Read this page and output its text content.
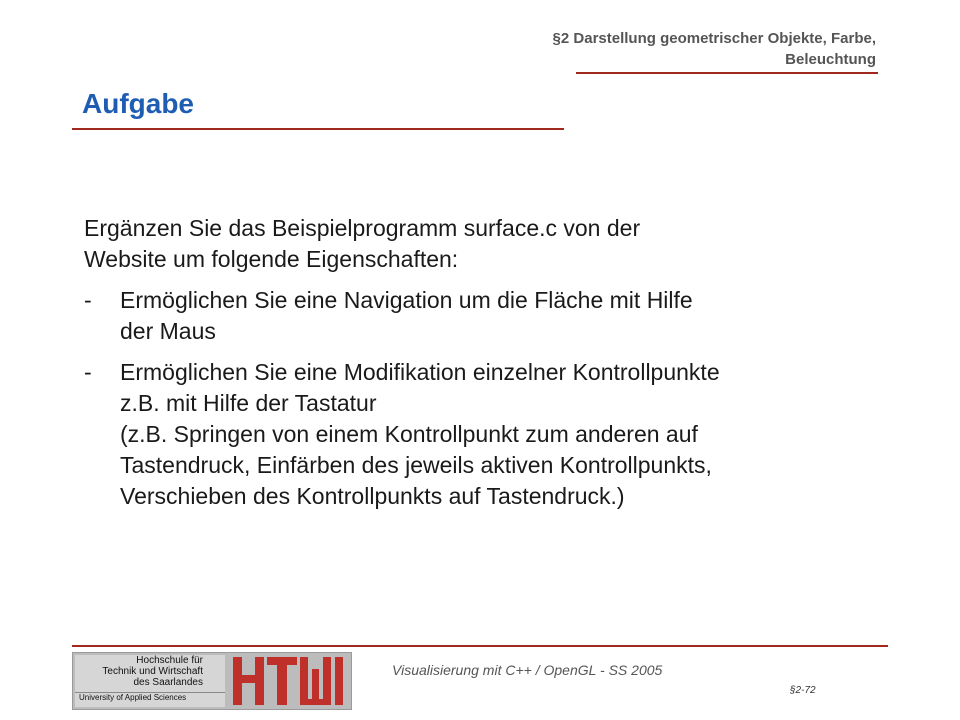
§2 Darstellung geometrischer Objekte, Farbe,
Beleuchtung
Aufgabe
Ergänzen Sie das Beispielprogramm surface.c von der
Website um folgende Eigenschaften:
-	Ermöglichen Sie eine Navigation um die Fläche mit Hilfe
der Maus
-	Ermöglichen Sie eine Modifikation einzelner Kontrollpunkte
z.B. mit Hilfe der Tastatur
(z.B. Springen von einem Kontrollpunkt zum anderen auf
Tastendruck, Einfärben des jeweils aktiven Kontrollpunkts,
Verschieben des Kontrollpunkts auf Tastendruck.)
Hochschule für
Technik und Wirtschaft
des Saarlandes
University of Applied Sciences
Visualisierung mit C++ / OpenGL - SS 2005
§2-72
